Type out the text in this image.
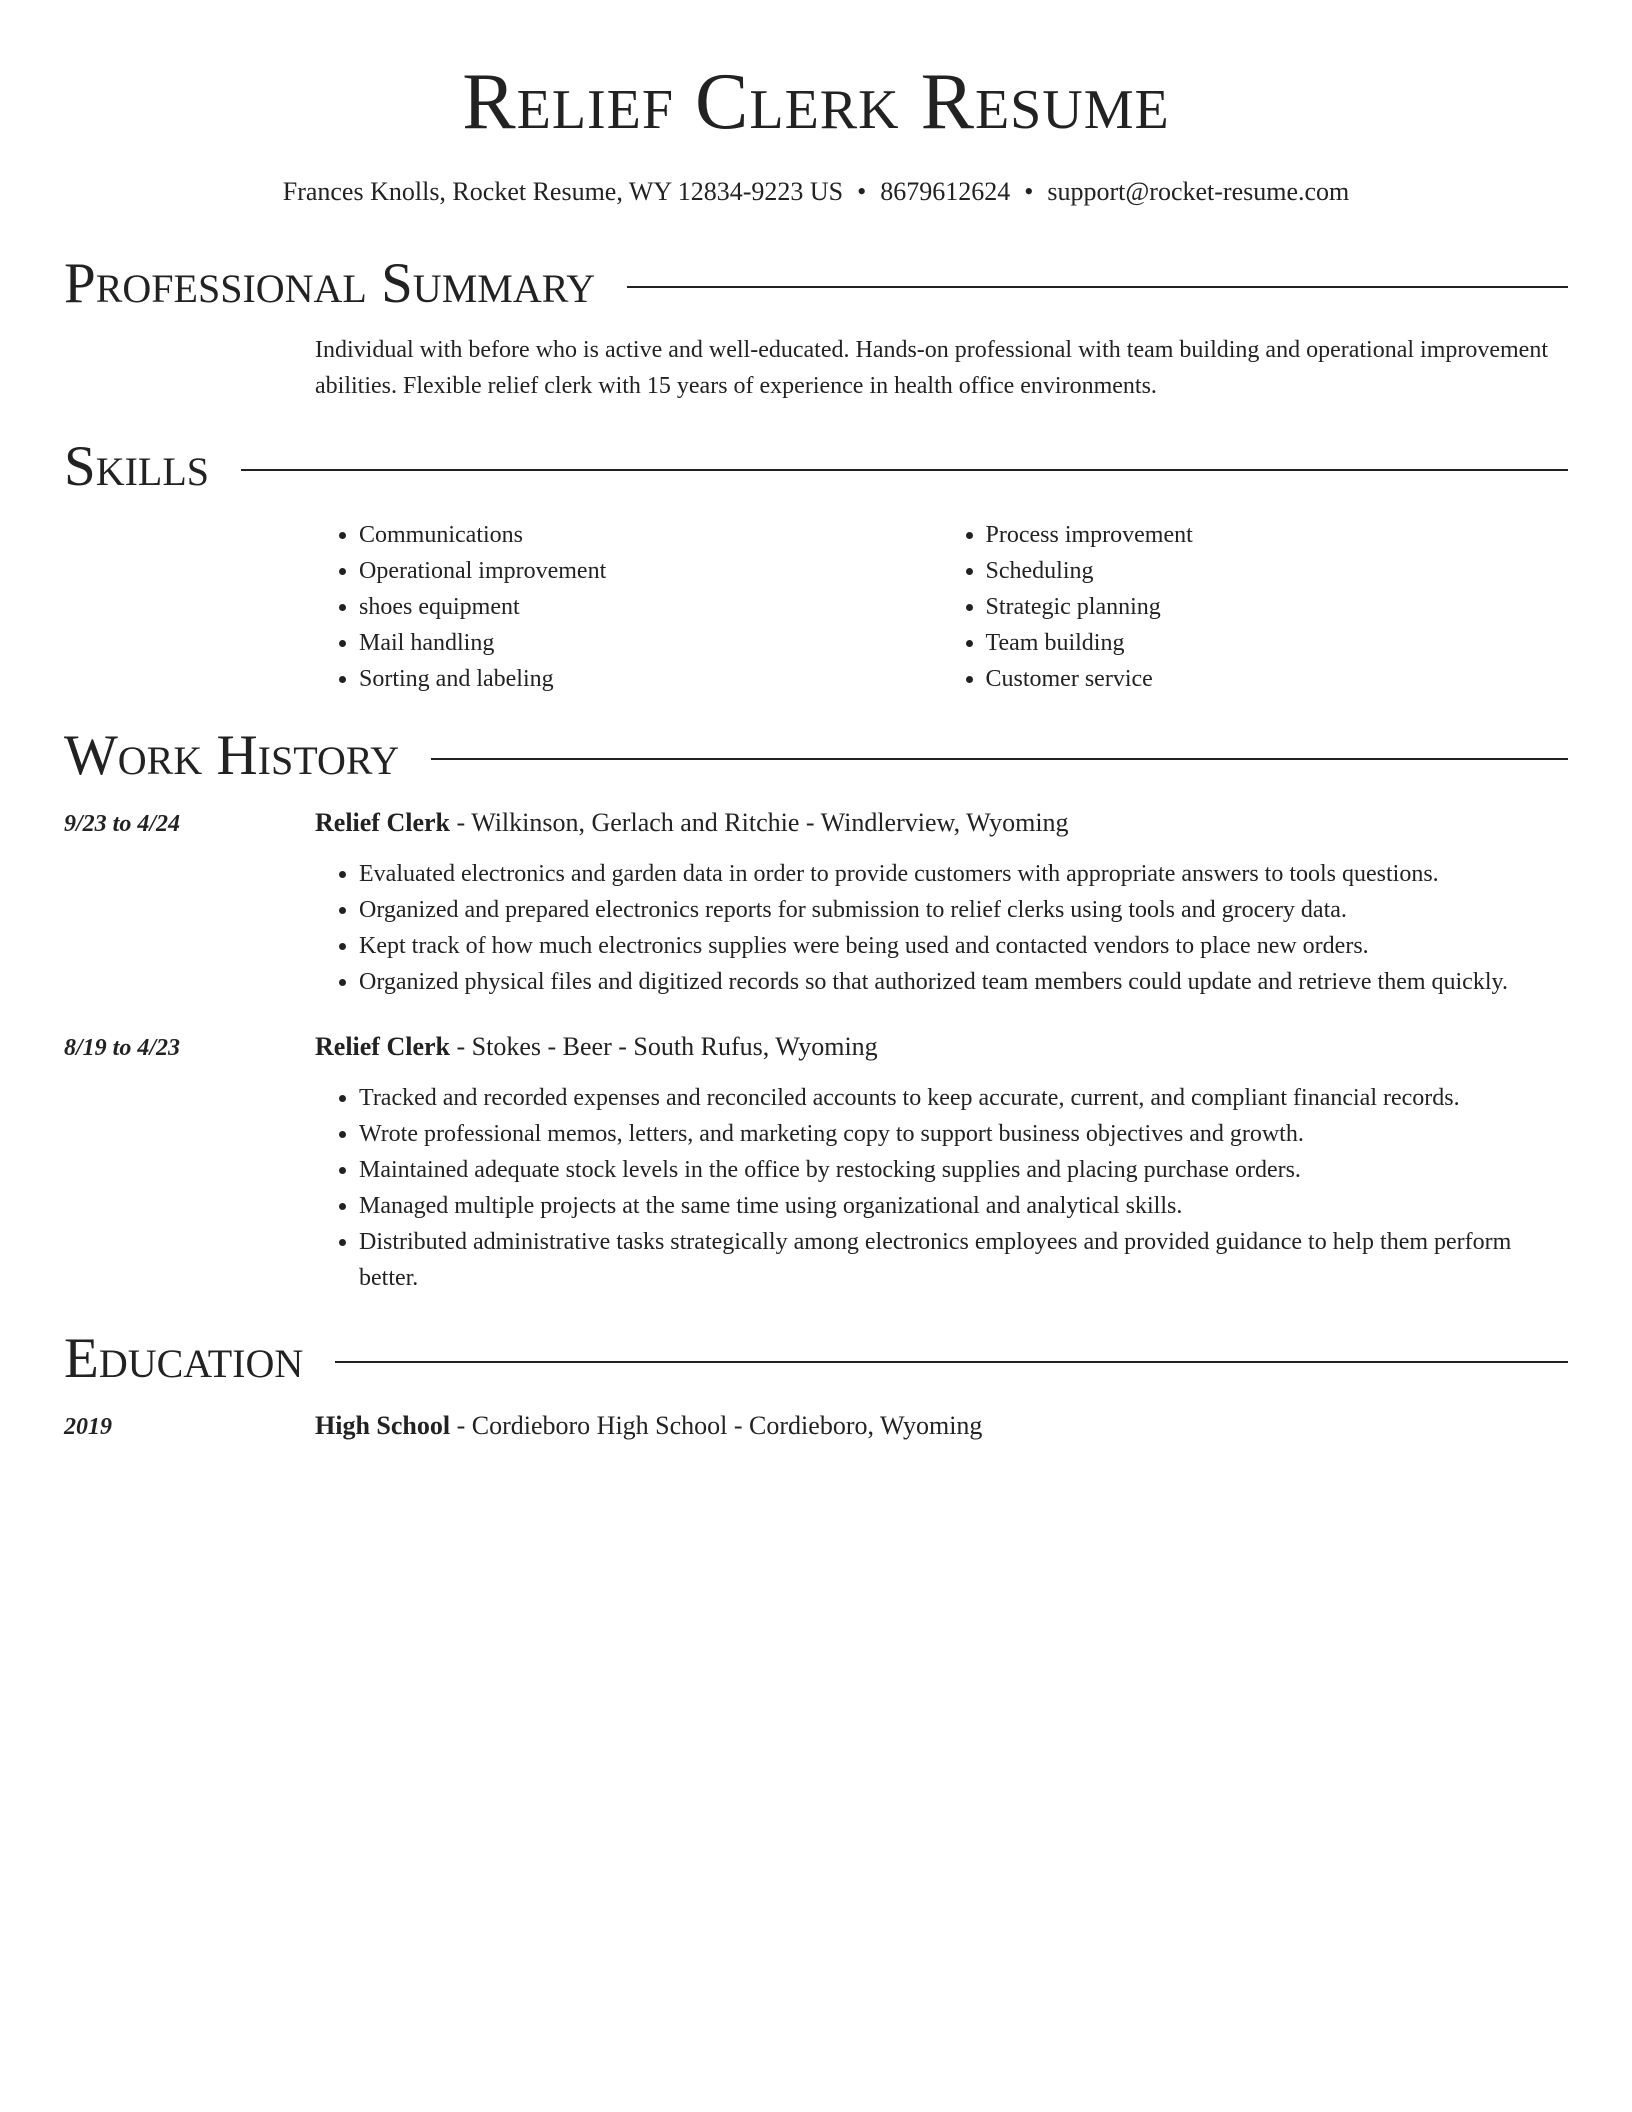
Relief Clerk Resume
Frances Knolls, Rocket Resume, WY 12834-9223 US • 8679612624 • support@rocket-resume.com
Professional Summary

Individual with before who is active and well-educated. Hands-on professional with team building and operational improvement abilities. Flexible relief clerk with 15 years of experience in health office environments.

Skills
• Communications
• Operational improvement
• shoes equipment
• Mail handling
• Sorting and labeling
• Process improvement
• Scheduling
• Strategic planning
• Team building
• Customer service
Work History
9/23 to 4/24	Relief Clerk - Wilkinson, Gerlach and Ritchie - Windlerview, Wyoming
• Evaluated electronics and garden data in order to provide customers with appropriate answers to tools questions.
• Organized and prepared electronics reports for submission to relief clerks using tools and grocery data.
• Kept track of how much electronics supplies were being used and contacted vendors to place new orders.
• Organized physical files and digitized records so that authorized team members could update and retrieve them quickly.
8/19 to 4/23	Relief Clerk - Stokes - Beer - South Rufus, Wyoming
• Tracked and recorded expenses and reconciled accounts to keep accurate, current, and compliant financial records.
• Wrote professional memos, letters, and marketing copy to support business objectives and growth.
• Maintained adequate stock levels in the office by restocking supplies and placing purchase orders.
• Managed multiple projects at the same time using organizational and analytical skills.
• Distributed administrative tasks strategically among electronics employees and provided guidance to help them perform better.
Education
2019	High School - Cordieboro High School - Cordieboro, Wyoming
